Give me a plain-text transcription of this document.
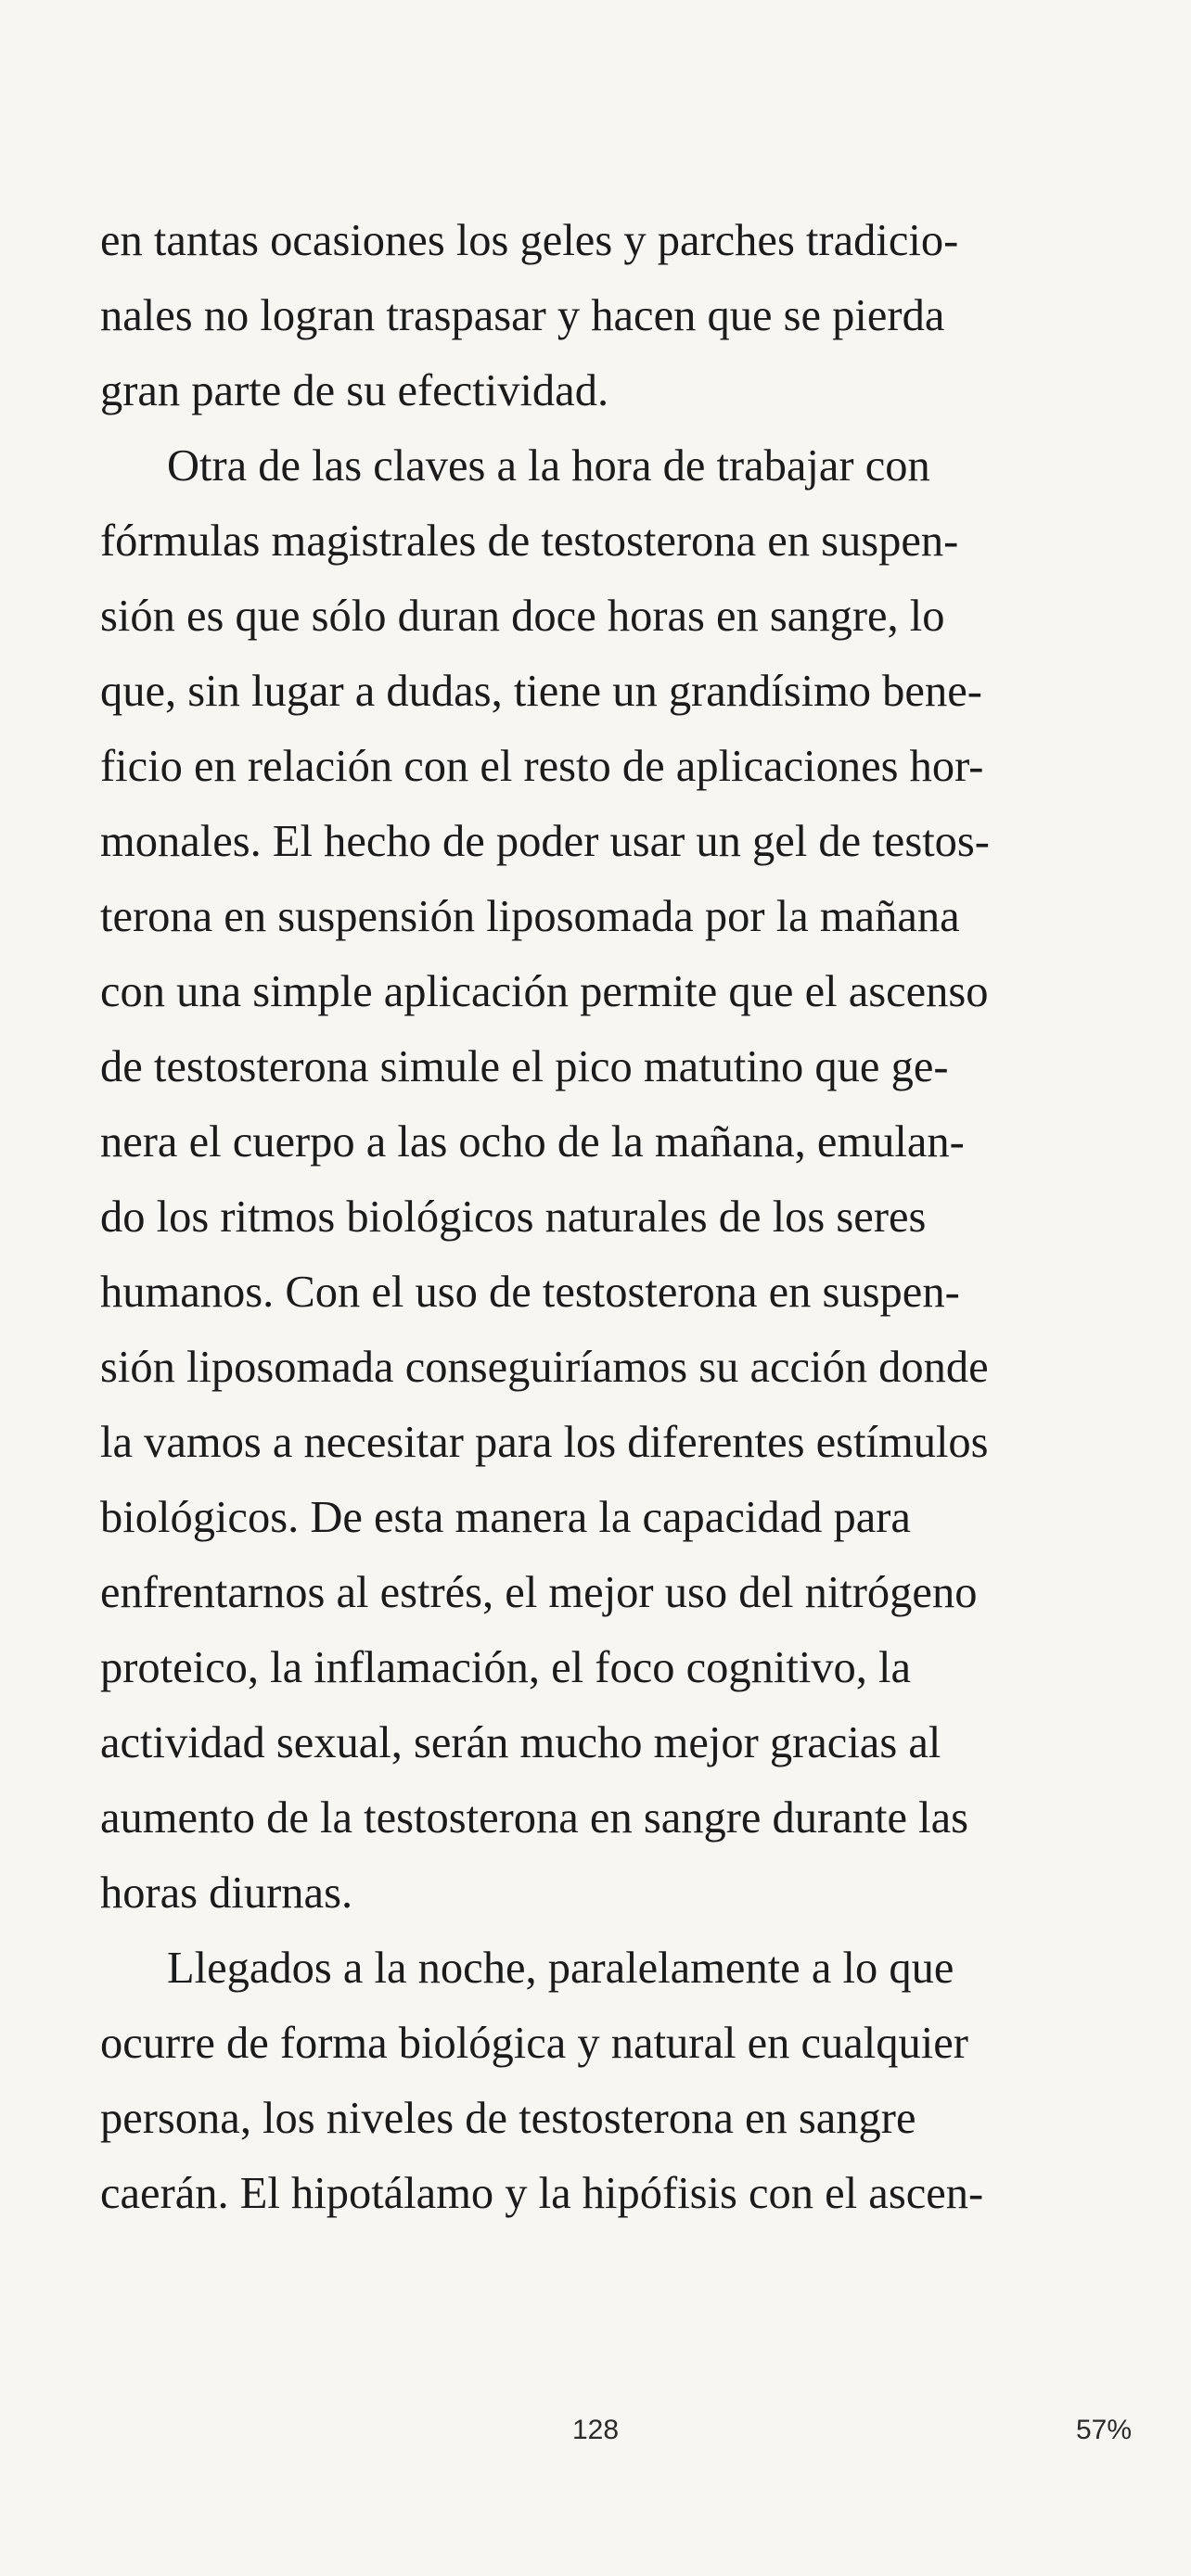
en tantas ocasiones los geles y parches tradicio-
nales no logran traspasar y hacen que se pierda
gran parte de su efectividad.
Otra de las claves a la hora de trabajar con
fórmulas magistrales de testosterona en suspen-
sión es que sólo duran doce horas en sangre, lo
que, sin lugar a dudas, tiene un grandísimo bene-
ficio en relación con el resto de aplicaciones hor-
monales. El hecho de poder usar un gel de testos-
terona en suspensión liposomada por la mañana
con una simple aplicación permite que el ascenso
de testosterona simule el pico matutino que ge-
nera el cuerpo a las ocho de la mañana, emulan-
do los ritmos biológicos naturales de los seres
humanos. Con el uso de testosterona en suspen-
sión liposomada conseguiríamos su acción donde
la vamos a necesitar para los diferentes estímulos
biológicos. De esta manera la capacidad para
enfrentarnos al estrés, el mejor uso del nitrógeno
proteico, la inflamación, el foco cognitivo, la
actividad sexual, serán mucho mejor gracias al
aumento de la testosterona en sangre durante las
horas diurnas.
Llegados a la noche, paralelamente a lo que
ocurre de forma biológica y natural en cualquier
persona, los niveles de testosterona en sangre
caerán. El hipotálamo y la hipófisis con el ascen-
128	57%
